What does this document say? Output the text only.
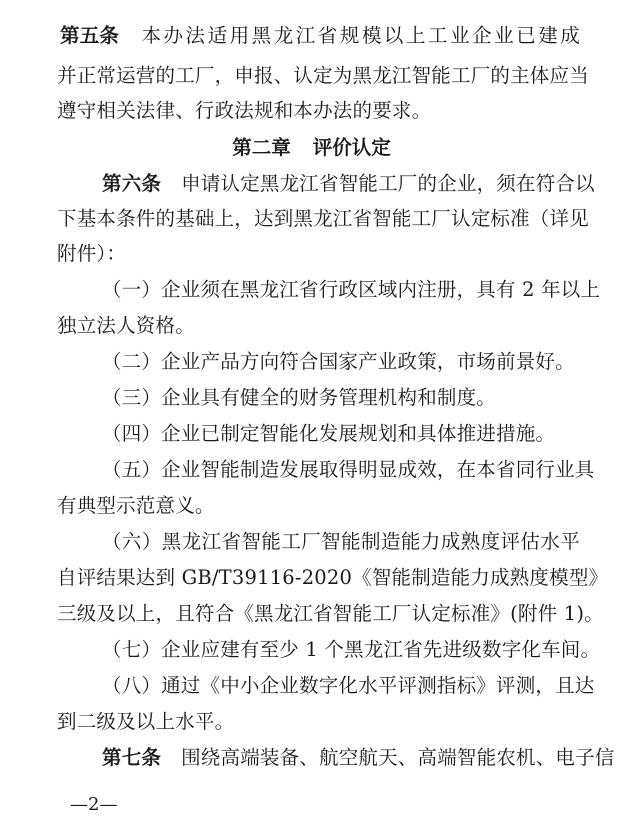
第五条 本办法适用黑龙江省规模以上工业企业已建成
并正常运营的工厂，申报、认定为黑龙江智能工厂的主体应当
遵守相关法律、行政法规和本办法的要求。
第二章 评价认定
第六条 申请认定黑龙江省智能工厂的企业，须在符合以
下基本条件的基础上，达到黑龙江省智能工厂认定标准（详见
附件）：
（一）企业须在黑龙江省行政区域内注册，具有 2 年以上
独立法人资格。
（二）企业产品方向符合国家产业政策，市场前景好。
（三）企业具有健全的财务管理机构和制度。
（四）企业已制定智能化发展规划和具体推进措施。
（五）企业智能制造发展取得明显成效，在本省同行业具
有典型示范意义。
（六）黑龙江省智能工厂智能制造能力成熟度评估水平
自评结果达到 GB/T39116-2020《智能制造能力成熟度模型》
三级及以上，且符合《黑龙江省智能工厂认定标准》(附件 1)。
（七）企业应建有至少 1 个黑龙江省先进级数字化车间。
（八）通过《中小企业数字化水平评测指标》评测，且达
到二级及以上水平。
第七条 围绕高端装备、航空航天、高端智能农机、电子信
—2—
